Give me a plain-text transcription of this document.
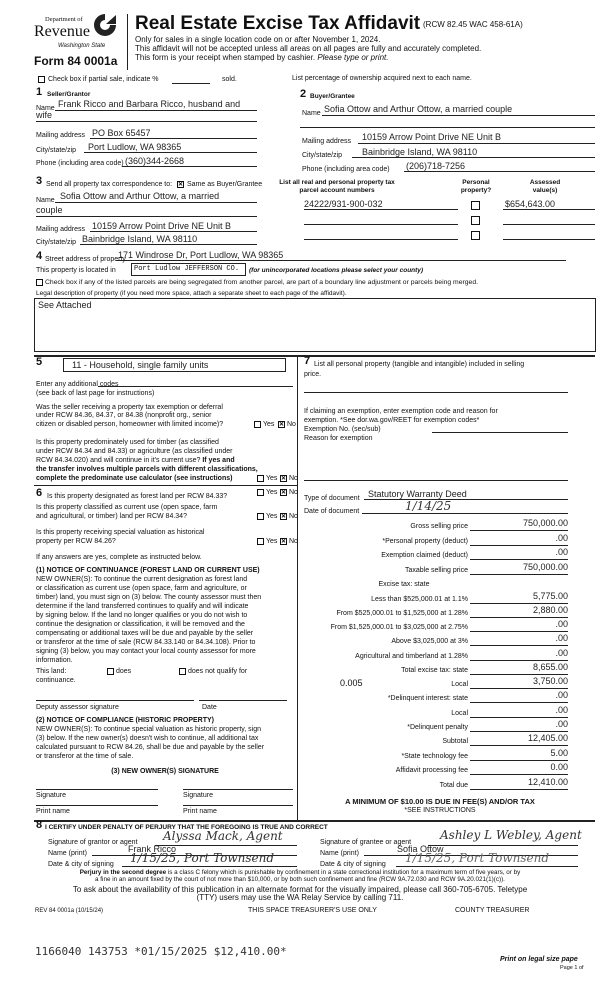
Department of
Revenue
Washington State
Form 84 0001a
Real Estate Excise Tax Affidavit (RCW 82.45 WAC 458-61A)
Only for sales in a single location code on or after November 1, 2024.
This affidavit will not be accepted unless all areas on all pages are fully and accurately completed.
This form is your receipt when stamped by cashier. Please type or print.
Check box if partial sale, indicate %	sold.	List percentage of ownership acquired next to each name.
1 Seller/Grantor
Name Frank Ricco and Barbara Ricco, husband and
wife
Mailing address PO Box 65457
City/state/zip Port Ludlow, WA 98365
Phone (including area code) (360)344-2668
2 Buyer/Grantee
Name Sofia Ottow and Arthur Ottow, a married couple
Mailing address 10159 Arrow Point Drive NE Unit B
City/state/zip Bainbridge Island, WA 98110
Phone (including area code) (206)718-7256
3 Send all property tax correspondence to: ✕ Same as Buyer/Grantee
Name Sofia Ottow and Arthur Ottow, a married
couple
Mailing address 10159 Arrow Point Drive NE Unit B
City/state/zip Bainbridge Island, WA 98110
List all real and personal property tax
parcel account numbers
Personal
property?
Assessed
value(s)
24222/931-900-032	$654,643.00
4 Street address of property
171 Windrose Dr, Port Ludlow, WA 98365
This property is located in	Port Ludlow JEFFERSON CO. (for unincorporated locations please select your county)
Check box if any of the listed parcels are being segregated from another parcel, are part of a boundary line adjustment or parcels being merged.
Legal description of property (if you need more space, attach a separate sheet to each page of the affidavit).
See Attached
5	11 - Household, single family units
Enter any additional codes
(see back of last page for instructions)
Was the seller receiving a property tax exemption or deferral
under RCW 84.36, 84.37, or 84.38 (nonprofit org., senior
citizen or disabled person, homeowner with limited income)?	Yes ✕ No
Is this property predominately used for timber (as classified
under RCW 84.34 and 84.33) or agriculture (as classified under
RCW 84.34.020) and will continue in it's current use? If yes and
the transfer involves multiple parcels with different classifications,
complete the predominate use calculator (see instructions)	Yes ✕ No
6 Is this property designated as forest land per RCW 84.33?
Yes ✕ No
Is this property classified as current use (open space, farm
and agricultural, or timber) land per RCW 84.34?	Yes ✕ No
Is this property receiving special valuation as historical
property per RCW 84.26?	Yes ✕ No
If any answers are yes, complete as instructed below.
(1) NOTICE OF CONTINUANCE (FOREST LAND OR CURRENT USE)
NEW OWNER(S): To continue the current designation as forest land
or classification as current use (open space, farm and agriculture, or
timber) land, you must sign on (3) below. The county assessor must then
determine if the land transferred continues to qualify and will indicate
by signing below. If the land no longer qualifies or you do not wish to
continue the designation or classification, it will be removed and the
compensating or additional taxes will be due and payable by the seller
or transferor at the time of sale (RCW 84.33.140 or 84.34.108). Prior to
signing (3) below, you may contact your local county assessor for more
information.
This land:	does	does not qualify for
continuance.
Deputy assessor signature	Date
(2) NOTICE OF COMPLIANCE (HISTORIC PROPERTY)
NEW OWNER(S): To continue special valuation as historic property, sign
(3) below. If the new owner(s) doesn't wish to continue, all additional tax
calculated pursuant to RCW 84.26, shall be due and payable by the seller
or transferor at the time of sale.
(3) NEW OWNER(S) SIGNATURE
Signature	Signature
Print name	Print name
7 List all personal property (tangible and intangible) included in selling
price.
If claiming an exemption, enter exemption code and reason for
exemption. *See dor.wa.gov/REET for exemption codes*
Exemption No. (sec/sub)
Reason for exemption
Type of document Statutory Warranty Deed
Date of document	1/14/25
0.005
Gross selling price	750,000.00
*Personal property (deduct)	.00
Exemption claimed (deduct)	.00
Taxable selling price	750,000.00
Excise tax: state
Less than $525,000.01 at 1.1%	5,775.00
From $525,000.01 to $1,525,000 at 1.28%	2,880.00
From $1,525,000.01 to $3,025,000 at 2.75%	.00
Above $3,025,000 at 3%	.00
Agricultural and timberland at 1.28%	.00
Total excise tax: state	8,655.00
Local	3,750.00
*Delinquent interest: state	.00
Local	.00
*Delinquent penalty	.00
Subtotal	12,405.00
*State technology fee	5.00
Affidavit processing fee	0.00
Total due	12,410.00
A MINIMUM OF $10.00 IS DUE IN FEE(S) AND/OR TAX
*SEE INSTRUCTIONS
8 I CERTIFY UNDER PENALTY OF PERJURY THAT THE FOREGOING IS TRUE AND CORRECT
Signature of grantor or agent Alyssa Mack, Agent
Name (print)	Frank Ricco
Date & city of signing 1/15/25, Port Townsend
Signature of grantee or agent
Ashley L Webley, Agent
Name (print)	Sofia Ottow
Date & city of signing 1/15/25, Port Townsend
Perjury in the second degree is a class C felony which is punishable by confinement in a state correctional institution for a maximum term of five years, or by
a fine in an amount fixed by the court of not more than $10,000, or by both such confinement and fine (RCW 9A.72.030 and RCW 9A.20.021(1)(c)).
To ask about the availability of this publication in an alternate format for the visually impaired, please call 360-705-6705. Teletype
(TTY) users may use the WA Relay Service by calling 711.
REV 84 0001a (10/15/24)	THIS SPACE TREASURER'S USE ONLY	COUNTY TREASURER
1166040 143753 *01/15/2025 $12,410.00*
Print on legal size pape
Page 1 of
